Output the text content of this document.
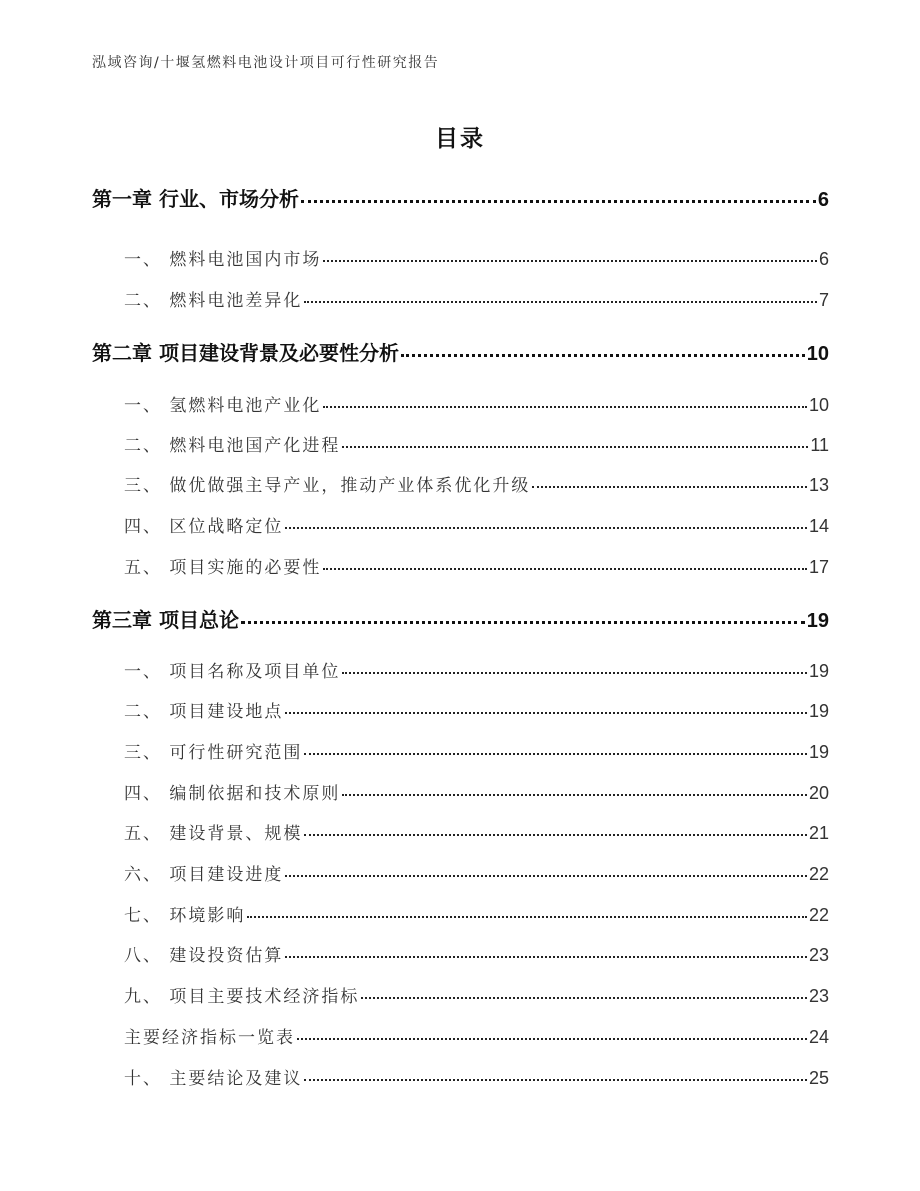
泓域咨询/十堰氢燃料电池设计项目可行性研究报告
目录
第一章 行业、市场分析	6
一、 燃料电池国内市场	6
二、 燃料电池差异化	7
第二章 项目建设背景及必要性分析	10
一、 氢燃料电池产业化	10
二、 燃料电池国产化进程	11
三、 做优做强主导产业，推动产业体系优化升级	13
四、 区位战略定位	14
五、 项目实施的必要性	17
第三章 项目总论	19
一、 项目名称及项目单位	19
二、 项目建设地点	19
三、 可行性研究范围	19
四、 编制依据和技术原则	20
五、 建设背景、规模	21
六、 项目建设进度	22
七、 环境影响	22
八、 建设投资估算	23
九、 项目主要技术经济指标	23
主要经济指标一览表	24
十、 主要结论及建议	25
